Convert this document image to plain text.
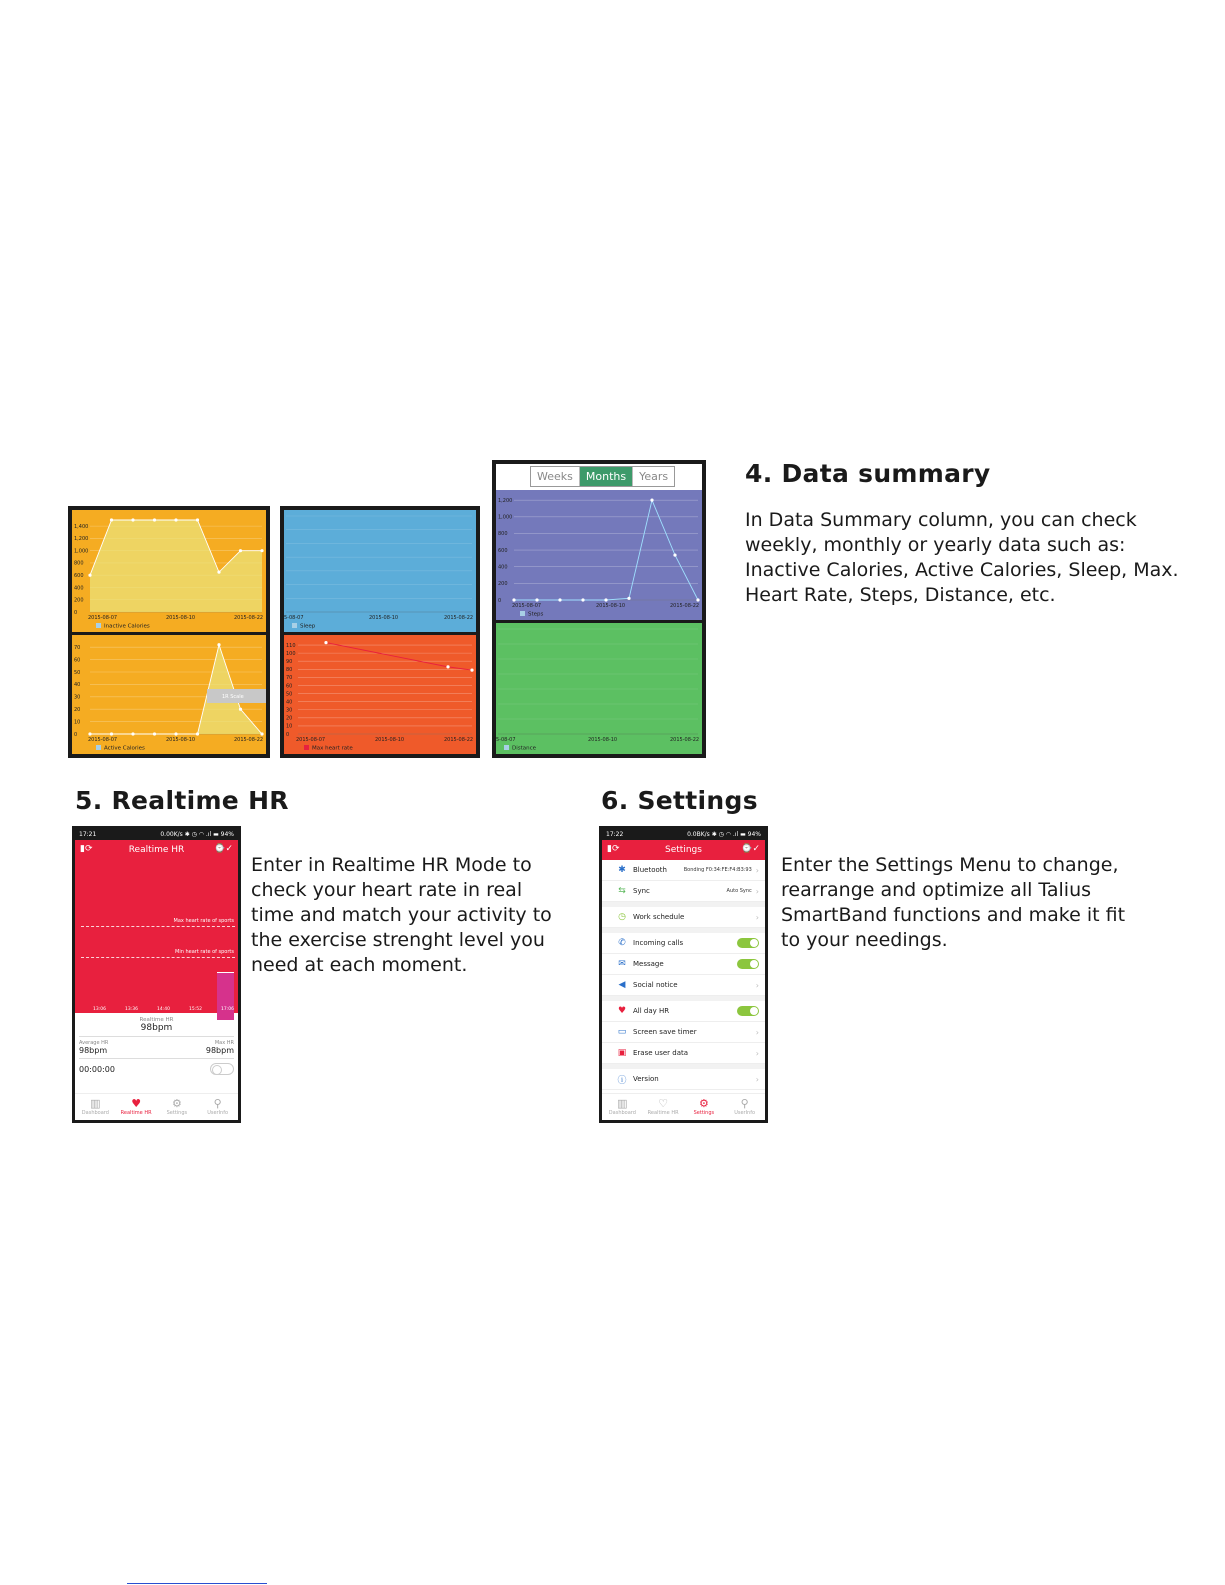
4. Data summary
In Data Summary column, you can check
weekly, monthly or yearly data such as:
Inactive Calories, Active Calories, Sleep, Max.
Heart Rate, Steps, Distance, etc.
0
200
400
600
800
1,000
1,200
1,400
2015-08-07	2015-08-10	2015-08-22
Inactive Calories
0
10
20
30
40
50
60
70
2015-08-07	2015-08-10	2015-08-22
Active Calories
1R Scale
5-08-07	2015-08-10	2015-08-22
Sleep
0
10
20
30
40
50
60
70
80
90
100
110
2015-08-07	2015-08-10	2015-08-22
Max heart rate
Weeks	Months	Years
0
200
400
600
800
1,000
1,200
2015-08-07	2015-08-10	2015-08-22
Steps
5-08-07	2015-08-10	2015-08-22
Distance
5. Realtime HR
17:21	0.00K/s ✱ ◷ ◠ .ıl ▬ 94%
▮⟳	Realtime HR	⌚✓
Max heart rate of sports
Min heart rate of sports
13:06	13:36	14:40	15:52	17:06
Realtime HR
98bpm
Average HR
98bpm
Max HR
98bpm
00:00:00
▥
Dashboard
♥
Realtime HR
⚙
Settings
⚲
UserInfo
Enter in Realtime HR Mode to
check your heart rate in real
time and match your activity to
the exercise strenght level you
need at each moment.
6. Settings
17:22	0.0BK/s ✱ ◷ ◠ .ıl ▬ 94%
▮⟳	Settings	⌚✓
✱	Bluetooth	Bonding F0:34:FE:F4:B3:93 ›
⇆	Sync	Auto Sync ›
◷ Work schedule	›
✆	Incoming calls
✉	Message
◀	Social notice	›
♥ All day HR
▭ Screen save timer	›
▣ Erase user data	›
ⓘ Version	›
▥
Dashboard
♡
Realtime HR
⚙
Settings
⚲
UserInfo
Enter the Settings Menu to change,
rearrange and optimize all Talius
SmartBand functions and make it fit
to your needings.
